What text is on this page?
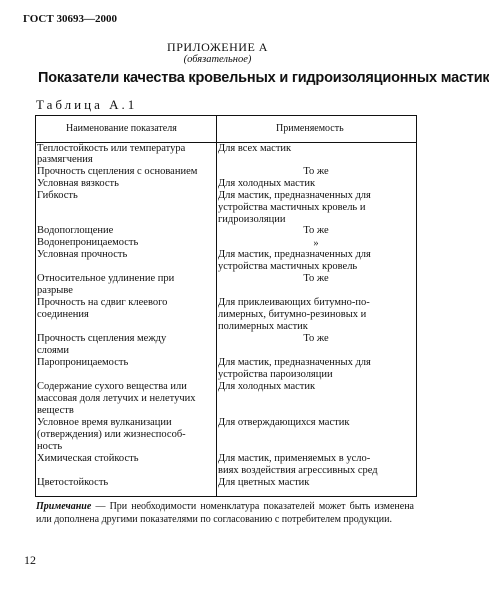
ГОСТ 30693—2000
ПРИЛОЖЕНИЕ А
(обязательное)
Показатели качества кровельных и гидроизоляционных мастик
Таблица А.1
Наименование показателя	Применяемость
Теплостойкость или температура
размягчения
Прочность сцепления с основанием
Условная вязкость
Гибкость
Водопоглощение
Водонепроницаемость
Условная прочность
Относительное удлинение при
разрыве
Прочность на сдвиг клеевого
соединения
Прочность сцепления между
слоями
Паропроницаемость
Содержание сухого вещества или
массовая доля летучих и нелетучих
веществ
Условное время вулканизации
(отверждения) или жизнеспособ-
ность
Химическая стойкость
Цветостойкость
Для всех мастик
То же
Для холодных мастик
Для мастик, предназначенных для
устройства мастичных кровель и
гидроизоляции
То же
»
Для мастик, предназначенных для
устройства мастичных кровель
То же
Для приклеивающих битумно-по-
лимерных, битумно-резиновых и
полимерных мастик
То же
Для мастик, предназначенных для
устройства пароизоляции
Для холодных мастик
Для отверждающихся мастик
Для мастик, применяемых в усло-
виях воздействия агрессивных сред
Для цветных мастик
Примечание — При необходимости номенклатура показателей может быть изменена или дополнена другими показателями по согласованию с потребителем продукции.
12
